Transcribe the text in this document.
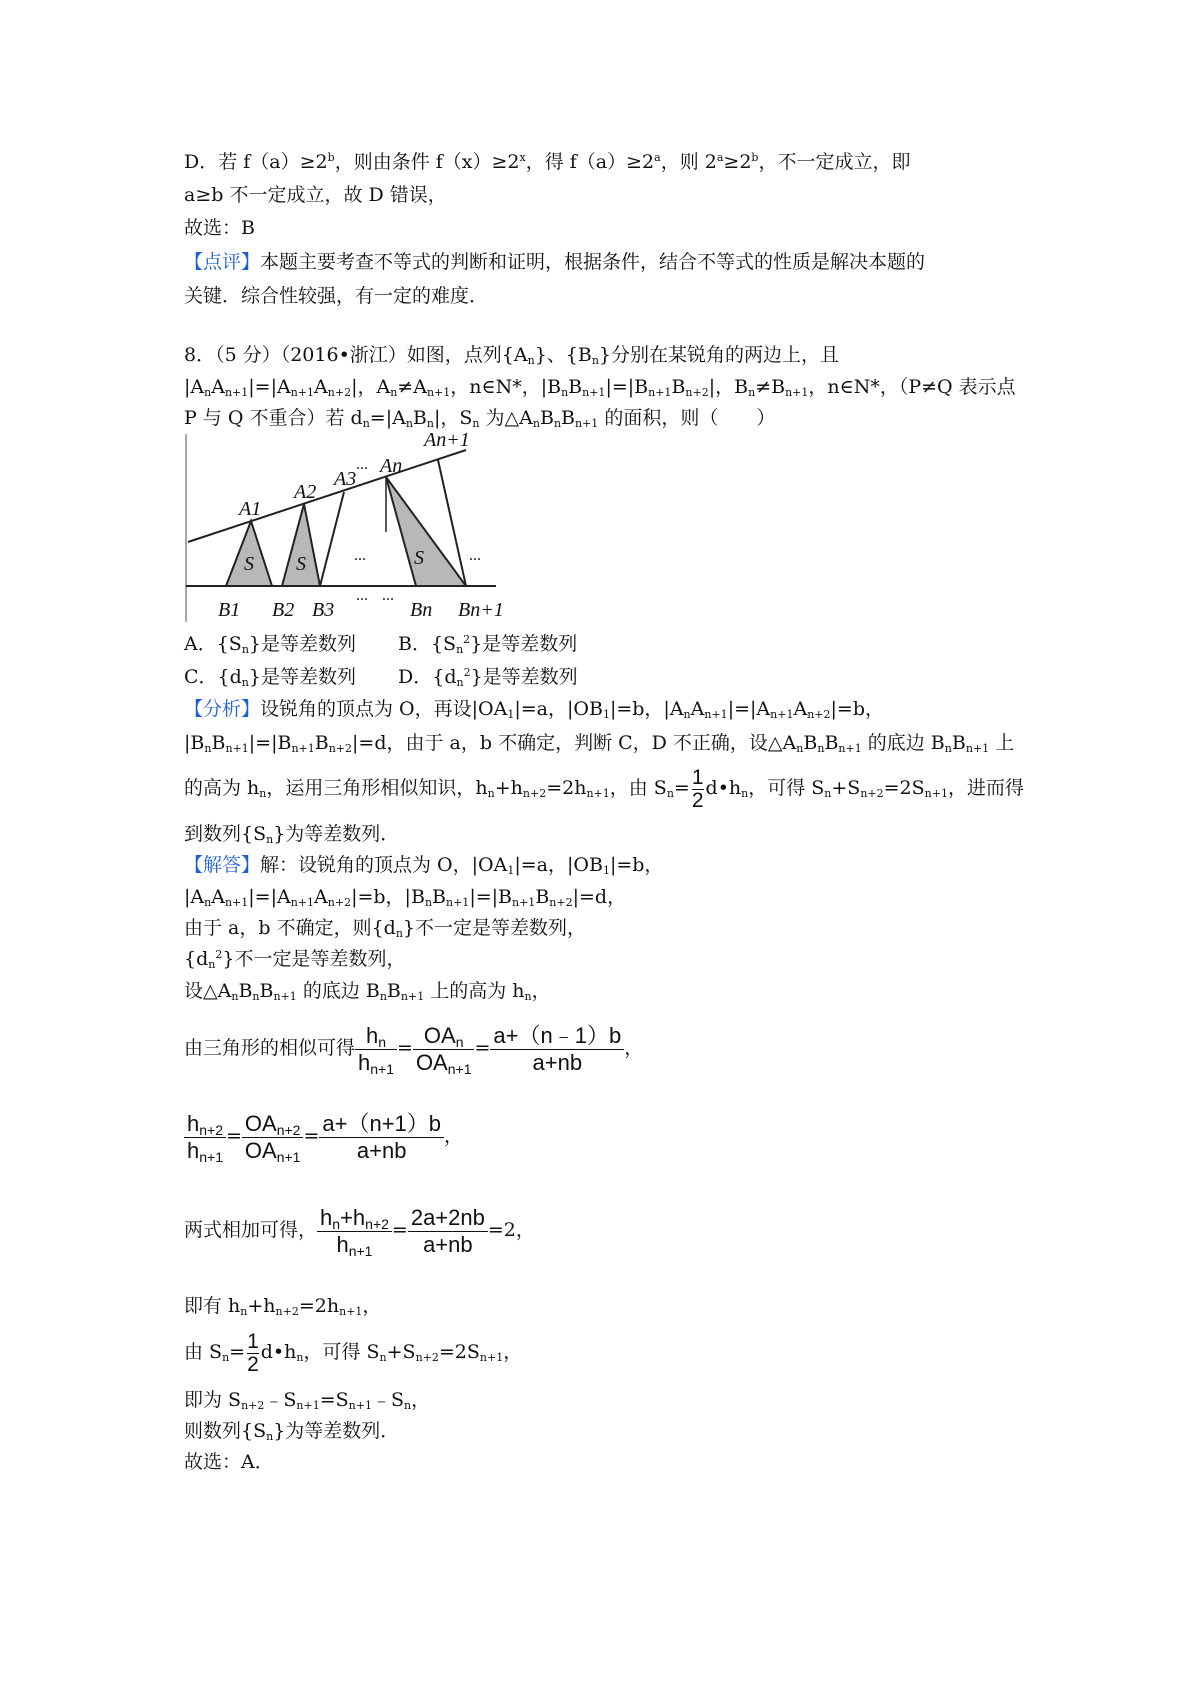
D．若 $f(a)\ge 2^b$，则由条件 $f(x)\ge 2^x$，得 $f(a)\ge 2^a$，则 $2^a\ge 2^b$，不一定成立，即
a≥b 不一定成立，故 D 错误，
故选：B
【点评】本题主要考查不等式的判断和证明，根据条件，结合不等式的性质是解决本题的
关键．综合性较强，有一定的难度．
8．（5 分）（2016•浙江）如图，点列$\{A_n\}$、$\{B_n\}$分别在某锐角的两边上，且
$|A_nA_{n+1}|=|A_{n+1}A_{n+2}|$，$A_n\ne A_{n+1}$，n∈N*，$|B_nB_{n+1}|=|B_{n+1}B_{n+2}|$，$B_n\ne B_{n+1}$，n∈N*，（P≠Q 表示点
P 与 Q 不重合）若 $d_n=|A_nB_n|$，$S_n$ 为$\triangle A_nB_nB_{n+1}$ 的面积，则（　　）
A1
A2
A3
An
An+1
B1 B2 B3	Bn Bn+1
S S	S
...
...	...
... ...
A．$\{S_n\}$是等差数列 B．$\{S_n^2\}$是等差数列
C．$\{d_n\}$是等差数列 D．$\{d_n^2\}$是等差数列
【分析】设锐角的顶点为 O，再设$|OA_1|=a$，$|OB_1|=b$，$|A_nA_{n+1}|=|A_{n+1}A_{n+2}|=b$，
$|B_nB_{n+1}|=|B_{n+1}B_{n+2}|=d$，由于 a，b 不确定，判断 C，D 不正确，设$\triangle A_nB_nB_{n+1}$ 的底边 $B_nB_{n+1}$ 上
的高为 $h_n$，运用三角形相似知识，$h_n+h_{n+2}=2h_{n+1}$，由 $S_n= \frac{1}{2}$ $d•h_n$，可得 $S_n+S_{n+2}=2S_{n+1}$，进而得
到数列$\{S_n\}$为等差数列．
【解答】解：设锐角的顶点为 O，$|OA_1|=a$，$|OB_1|=b$，
$|A_nA_{n+1}|=|A_{n+1}A_{n+2}|=b$，$|B_nB_{n+1}|=|B_{n+1}B_{n+2}|=d$，
由于 a，b 不确定，则$\{d_n\}$不一定是等差数列，
$\{d_n^2\}$不一定是等差数列，
设$\triangle A_nB_nB_{n+1}$ 的底边 $B_nB_{n+1}$ 上的高为 $h_n$，
由三角形的相似可得 $\frac{h_n}{h_{n+1}} = \frac{OA_n}{OA_{n+1}} = \frac{a+(n﹣1)b}{a+nb}$ ，
$\frac{h_{n+2}}{h_{n+1}} = \frac{OA_{n+2}}{OA_{n+1}} = \frac{a+(n+1)b}{a+nb}$ ，
两式相加可得， $\frac{h_n+h_{n+2}}{h_{n+1}} = \frac{2a+2nb}{a+nb} =2$，
即有 $h_n+h_{n+2}=2h_{n+1}$，
由 $S_n= \frac{1}{2}$ $d•h_n$，可得 $S_n+S_{n+2}=2S_{n+1}$，
即为 $S_{n+2}﹣S_{n+1}=S_{n+1}﹣S_n$，
则数列$\{S_n\}$为等差数列．
故选：A．
